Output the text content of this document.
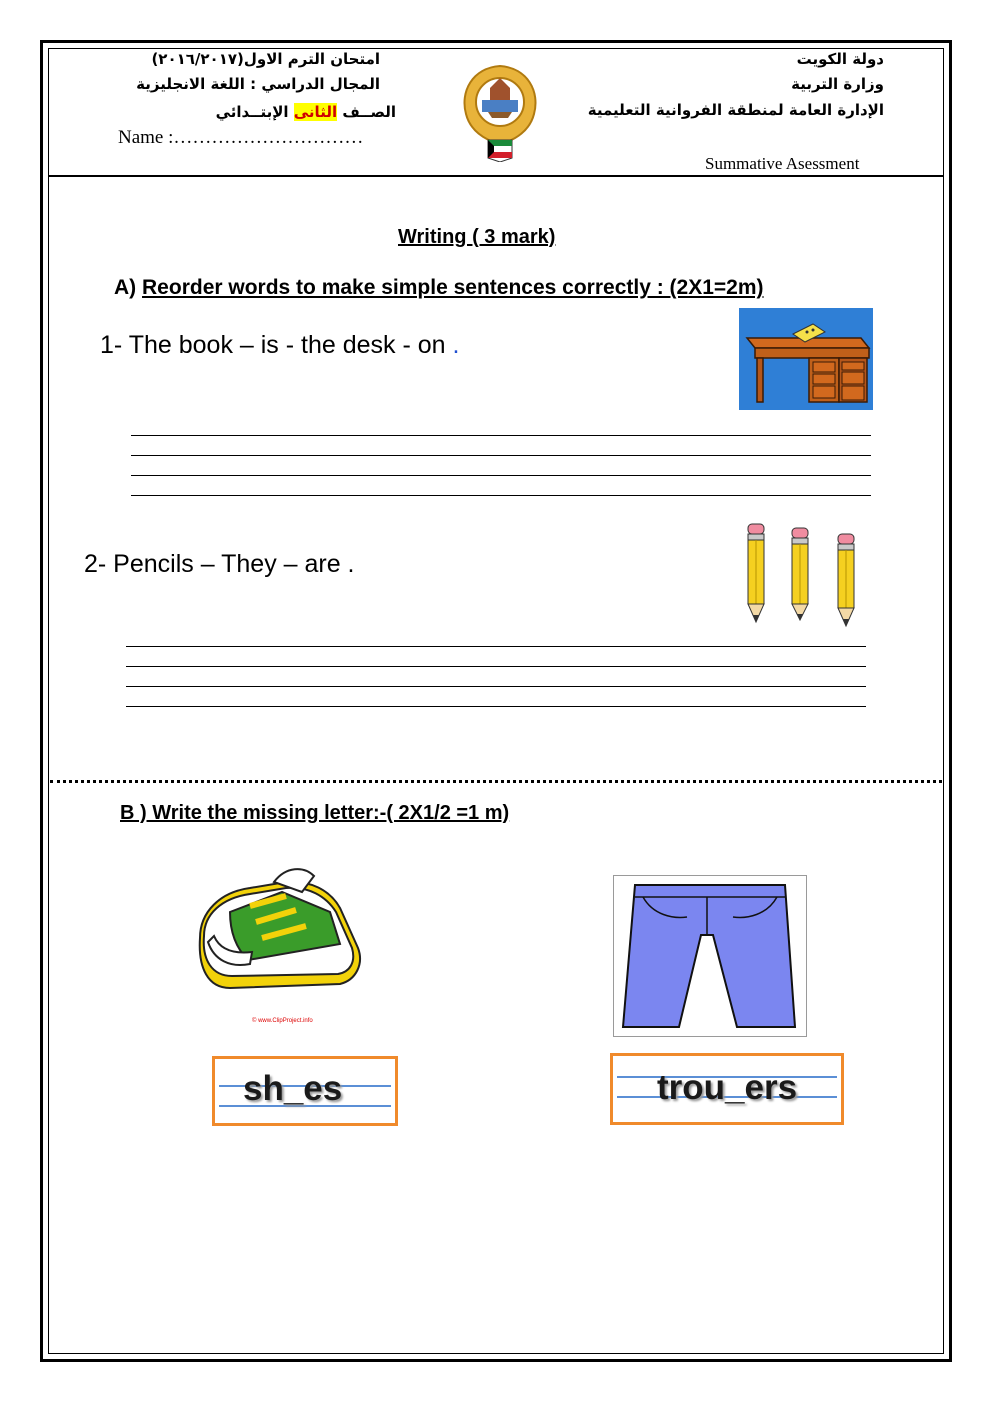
دولة الكويت
وزارة التربية
الإدارة العامة لمنطقة الفروانية التعليمية
امتحان الترم الاول(٢٠١٦/٢٠١٧)
المجال الدراسي : اللغة الانجليزية
الصــف الثانى الإبتــدائي
Name :…………………………
Summative Asessment
Writing ( 3 mark)
A) Reorder words to make simple sentences correctly : (2X1=2m)
1- The book – is - the desk - on .
2- Pencils – They – are .
B ) Write the missing letter:-( 2X1/2 =1 m)
© www.ClipProject.info
sh_es	trou_ers
